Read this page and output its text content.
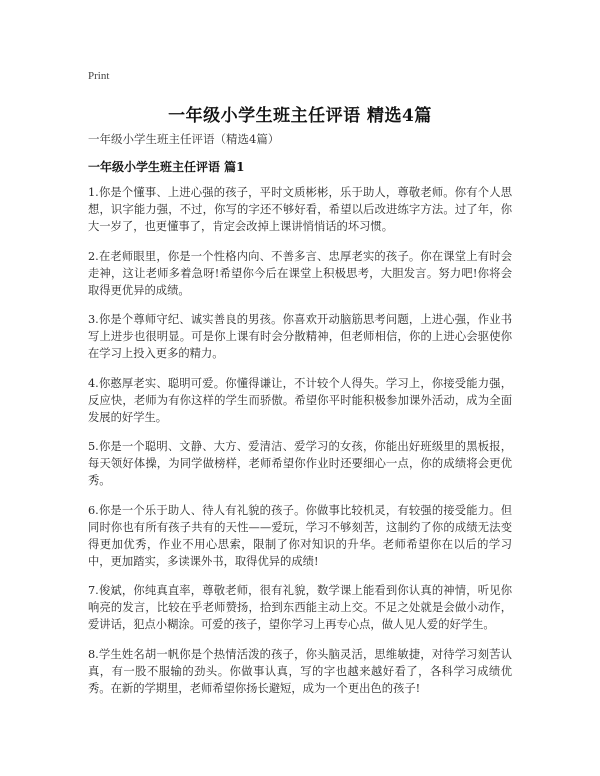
Print
一年级小学生班主任评语 精选4篇
一年级小学生班主任评语（精选4篇）
一年级小学生班主任评语 篇1

1.你是个懂事、上进心强的孩子，平时文质彬彬，乐于助人，尊敬老师。你有个人思想，识字能力强，不过，你写的字还不够好看，希望以后改进练字方法。过了年，你大一岁了，也更懂事了，肯定会改掉上课讲悄悄话的坏习惯。

2.在老师眼里，你是一个性格内向、不善多言、忠厚老实的孩子。你在课堂上有时会走神，这让老师多着急呀!希望你今后在课堂上积极思考，大胆发言。努力吧!你将会取得更优异的成绩。

3.你是个尊师守纪、诚实善良的男孩。你喜欢开动脑筋思考问题，上进心强，作业书写上进步也很明显。可是你上课有时会分散精神，但老师相信，你的上进心会驱使你在学习上投入更多的精力。

4.你憨厚老实、聪明可爱。你懂得谦让，不计较个人得失。学习上，你接受能力强，反应快，老师为有你这样的学生而骄傲。希望你平时能积极参加课外活动，成为全面发展的好学生。

5.你是一个聪明、文静、大方、爱清洁、爱学习的女孩，你能出好班级里的黑板报，每天领好体操，为同学做榜样，老师希望你作业时还要细心一点，你的成绩将会更优秀。

6.你是一个乐于助人、待人有礼貌的孩子。你做事比较机灵，有较强的接受能力。但同时你也有所有孩子共有的天性——爱玩，学习不够刻苦，这制约了你的成绩无法变得更加优秀，作业不用心思索，限制了你对知识的升华。老师希望你在以后的学习中，更加踏实，多读课外书，取得优异的成绩!

7.俊斌，你纯真直率，尊敬老师，很有礼貌，数学课上能看到你认真的神情，听见你响亮的发言，比较在乎老师赞扬，拾到东西能主动上交。不足之处就是会做小动作，爱讲话，犯点小糊涂。可爱的孩子，望你学习上再专心点，做人见人爱的好学生。

8.学生姓名胡一帆你是个热情活泼的孩子，你头脑灵活，思维敏捷，对待学习刻苦认真，有一股不服输的劲头。你做事认真，写的字也越来越好看了，各科学习成绩优秀。在新的学期里，老师希望你扬长避短，成为一个更出色的孩子!
